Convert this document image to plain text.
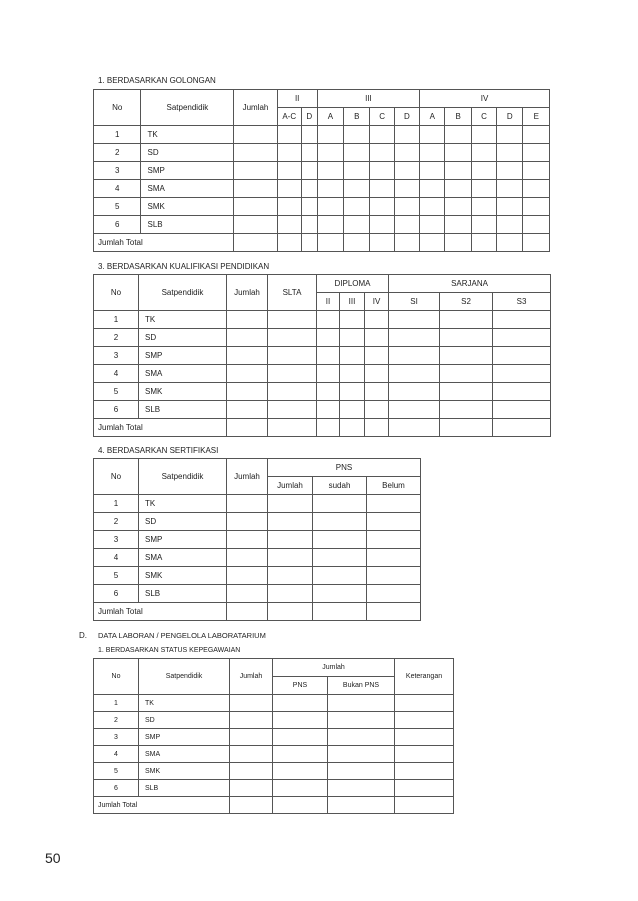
1. BERDASARKAN GOLONGAN
No	Satpendidik	Jumlah	II		III				IV				
			A-C	D	A	B	C	D	A	B	C	D	E
1	TK												
2	SD												
3	SMP												
4	SMA												
5	SMK												
6	SLB												
Jumlah Total													
3. BERDASARKAN KUALIFIKASI PENDIDIKAN
No	Satpendidik	Jumlah	SLTA	DIPLOMA			SARJANA		
				II	III	IV	SI	S2	S3
1	TK								
2	SD								
3	SMP								
4	SMA								
5	SMK								
6	SLB								
Jumlah Total									
4. BERDASARKAN SERTIFIKASI
No	Satpendidik	Jumlah	PNS		
			Jumlah	sudah	Belum
1	TK				
2	SD				
3	SMP				
4	SMA				
5	SMK				
6	SLB				
Jumlah Total					
D. DATA LABORAN / PENGELOLA LABORATARIUM
1. BERDASARKAN STATUS KEPEGAWAIAN
No	Satpendidik	Jumlah	Jumlah		Keterangan
			PNS	Bukan PNS	
1	TK				
2	SD				
3	SMP				
4	SMA				
5	SMK				
6	SLB				
Jumlah Total					
50
